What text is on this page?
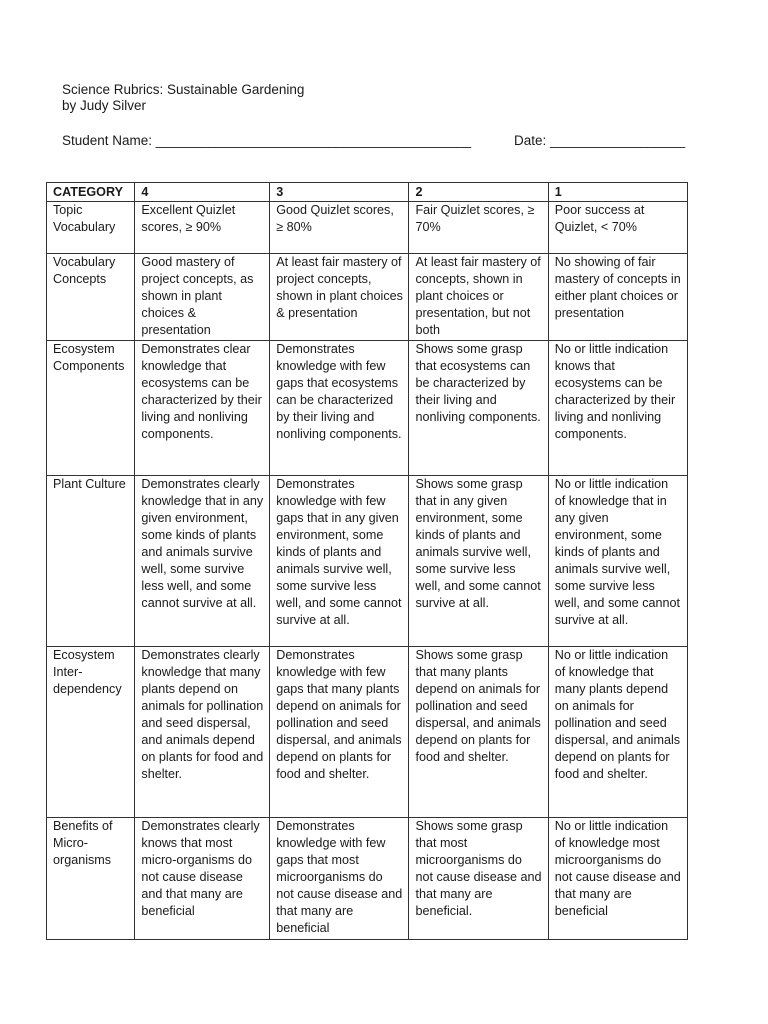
Science Rubrics: Sustainable Gardening
by Judy Silver
Student Name: __________________________________________	Date: __________________
CATEGORY	4	3	2	1
Topic Vocabulary	Excellent Quizlet scores, ≥ 90%	Good Quizlet scores, ≥ 80%	Fair Quizlet scores, ≥ 70%	Poor success at Quizlet, < 70%
Vocabulary Concepts	Good mastery of project concepts, as shown in plant choices & presentation	At least fair mastery of project concepts, shown in plant choices & presentation	At least fair mastery of concepts, shown in plant choices or presentation, but not both	No showing of fair mastery of concepts in either plant choices or presentation
Ecosystem Components	Demonstrates clear knowledge that ecosystems can be characterized by their living and nonliving components.	Demonstrates knowledge with few gaps that ecosystems can be characterized by their living and nonliving components.	Shows some grasp that ecosystems can be characterized by their living and nonliving components.	No or little indication knows that ecosystems can be characterized by their living and nonliving components.
Plant Culture	Demonstrates clearly knowledge that in any given environment, some kinds of plants and animals survive well, some survive less well, and some cannot survive at all.	Demonstrates knowledge with few gaps that in any given environment, some kinds of plants and animals survive well, some survive less well, and some cannot survive at all.	Shows some grasp that in any given environment, some kinds of plants and animals survive well, some survive less well, and some cannot survive at all.	No or little indication of knowledge that in any given environment, some kinds of plants and animals survive well, some survive less well, and some cannot survive at all.
Ecosystem Inter-dependency	Demonstrates clearly knowledge that many plants depend on animals for pollination and seed dispersal, and animals depend on plants for food and shelter.	Demonstrates knowledge with few gaps that many plants depend on animals for pollination and seed dispersal, and animals depend on plants for food and shelter.	Shows some grasp that many plants depend on animals for pollination and seed dispersal, and animals depend on plants for food and shelter.	No or little indication of knowledge that many plants depend on animals for pollination and seed dispersal, and animals depend on plants for food and shelter.
Benefits of Micro-organisms	Demonstrates clearly knows that most micro-organisms do not cause disease and that many are beneficial	Demonstrates knowledge with few gaps that most microorganisms do not cause disease and that many are beneficial	Shows some grasp that most microorganisms do not cause disease and that many are beneficial.	No or little indication of knowledge most microorganisms do not cause disease and that many are beneficial
